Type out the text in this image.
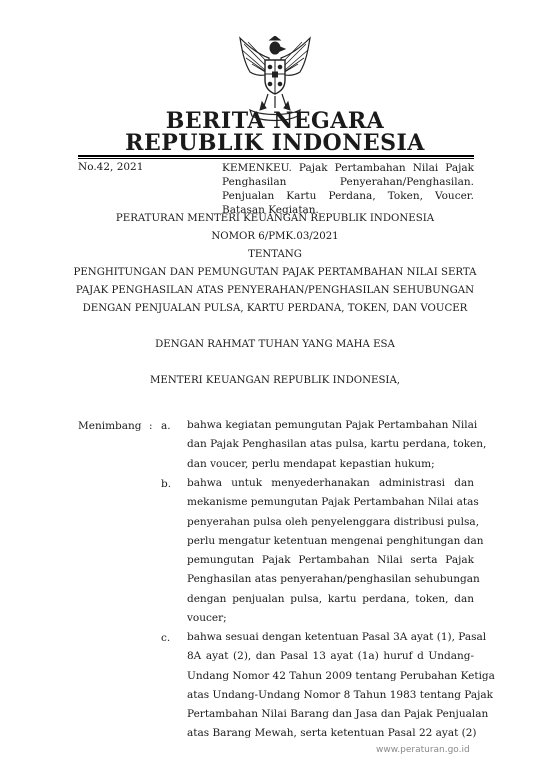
BERITA NEGARA
REPUBLIK INDONESIA
No.42, 2021	KEMENKEU. Pajak Pertambahan Nilai Pajak Penghasilan Penyerahan/Penghasilan. Penjualan Kartu Perdana, Token, Voucer. Batasan Kegiatan.
PERATURAN MENTERI KEUANGAN REPUBLIK INDONESIA
NOMOR 6/PMK.03/2021
TENTANG
PENGHITUNGAN DAN PEMUNGUTAN PAJAK PERTAMBAHAN NILAI SERTA
PAJAK PENGHASILAN ATAS PENYERAHAN/PENGHASILAN SEHUBUNGAN
DENGAN PENJUALAN PULSA, KARTU PERDANA, TOKEN, DAN VOUCER
DENGAN RAHMAT TUHAN YANG MAHA ESA
MENTERI KEUANGAN REPUBLIK INDONESIA,
Menimbang : a. bahwa kegiatan pemungutan Pajak Pertambahan Nilai
dan Pajak Penghasilan atas pulsa, kartu perdana, token,
dan voucer, perlu mendapat kepastian hukum;
b. bahwa untuk menyederhanakan administrasi dan
mekanisme pemungutan Pajak Pertambahan Nilai atas
penyerahan pulsa oleh penyelenggara distribusi pulsa,
perlu mengatur ketentuan mengenai penghitungan dan
pemungutan Pajak Pertambahan Nilai serta Pajak
Penghasilan atas penyerahan/penghasilan sehubungan
dengan penjualan pulsa, kartu perdana, token, dan
voucer;
c. bahwa sesuai dengan ketentuan Pasal 3A ayat (1), Pasal
8A ayat (2), dan Pasal 13 ayat (1a) huruf d Undang-
Undang Nomor 42 Tahun 2009 tentang Perubahan Ketiga
atas Undang-Undang Nomor 8 Tahun 1983 tentang Pajak
Pertambahan Nilai Barang dan Jasa dan Pajak Penjualan
atas Barang Mewah, serta ketentuan Pasal 22 ayat (2)
www.peraturan.go.id
